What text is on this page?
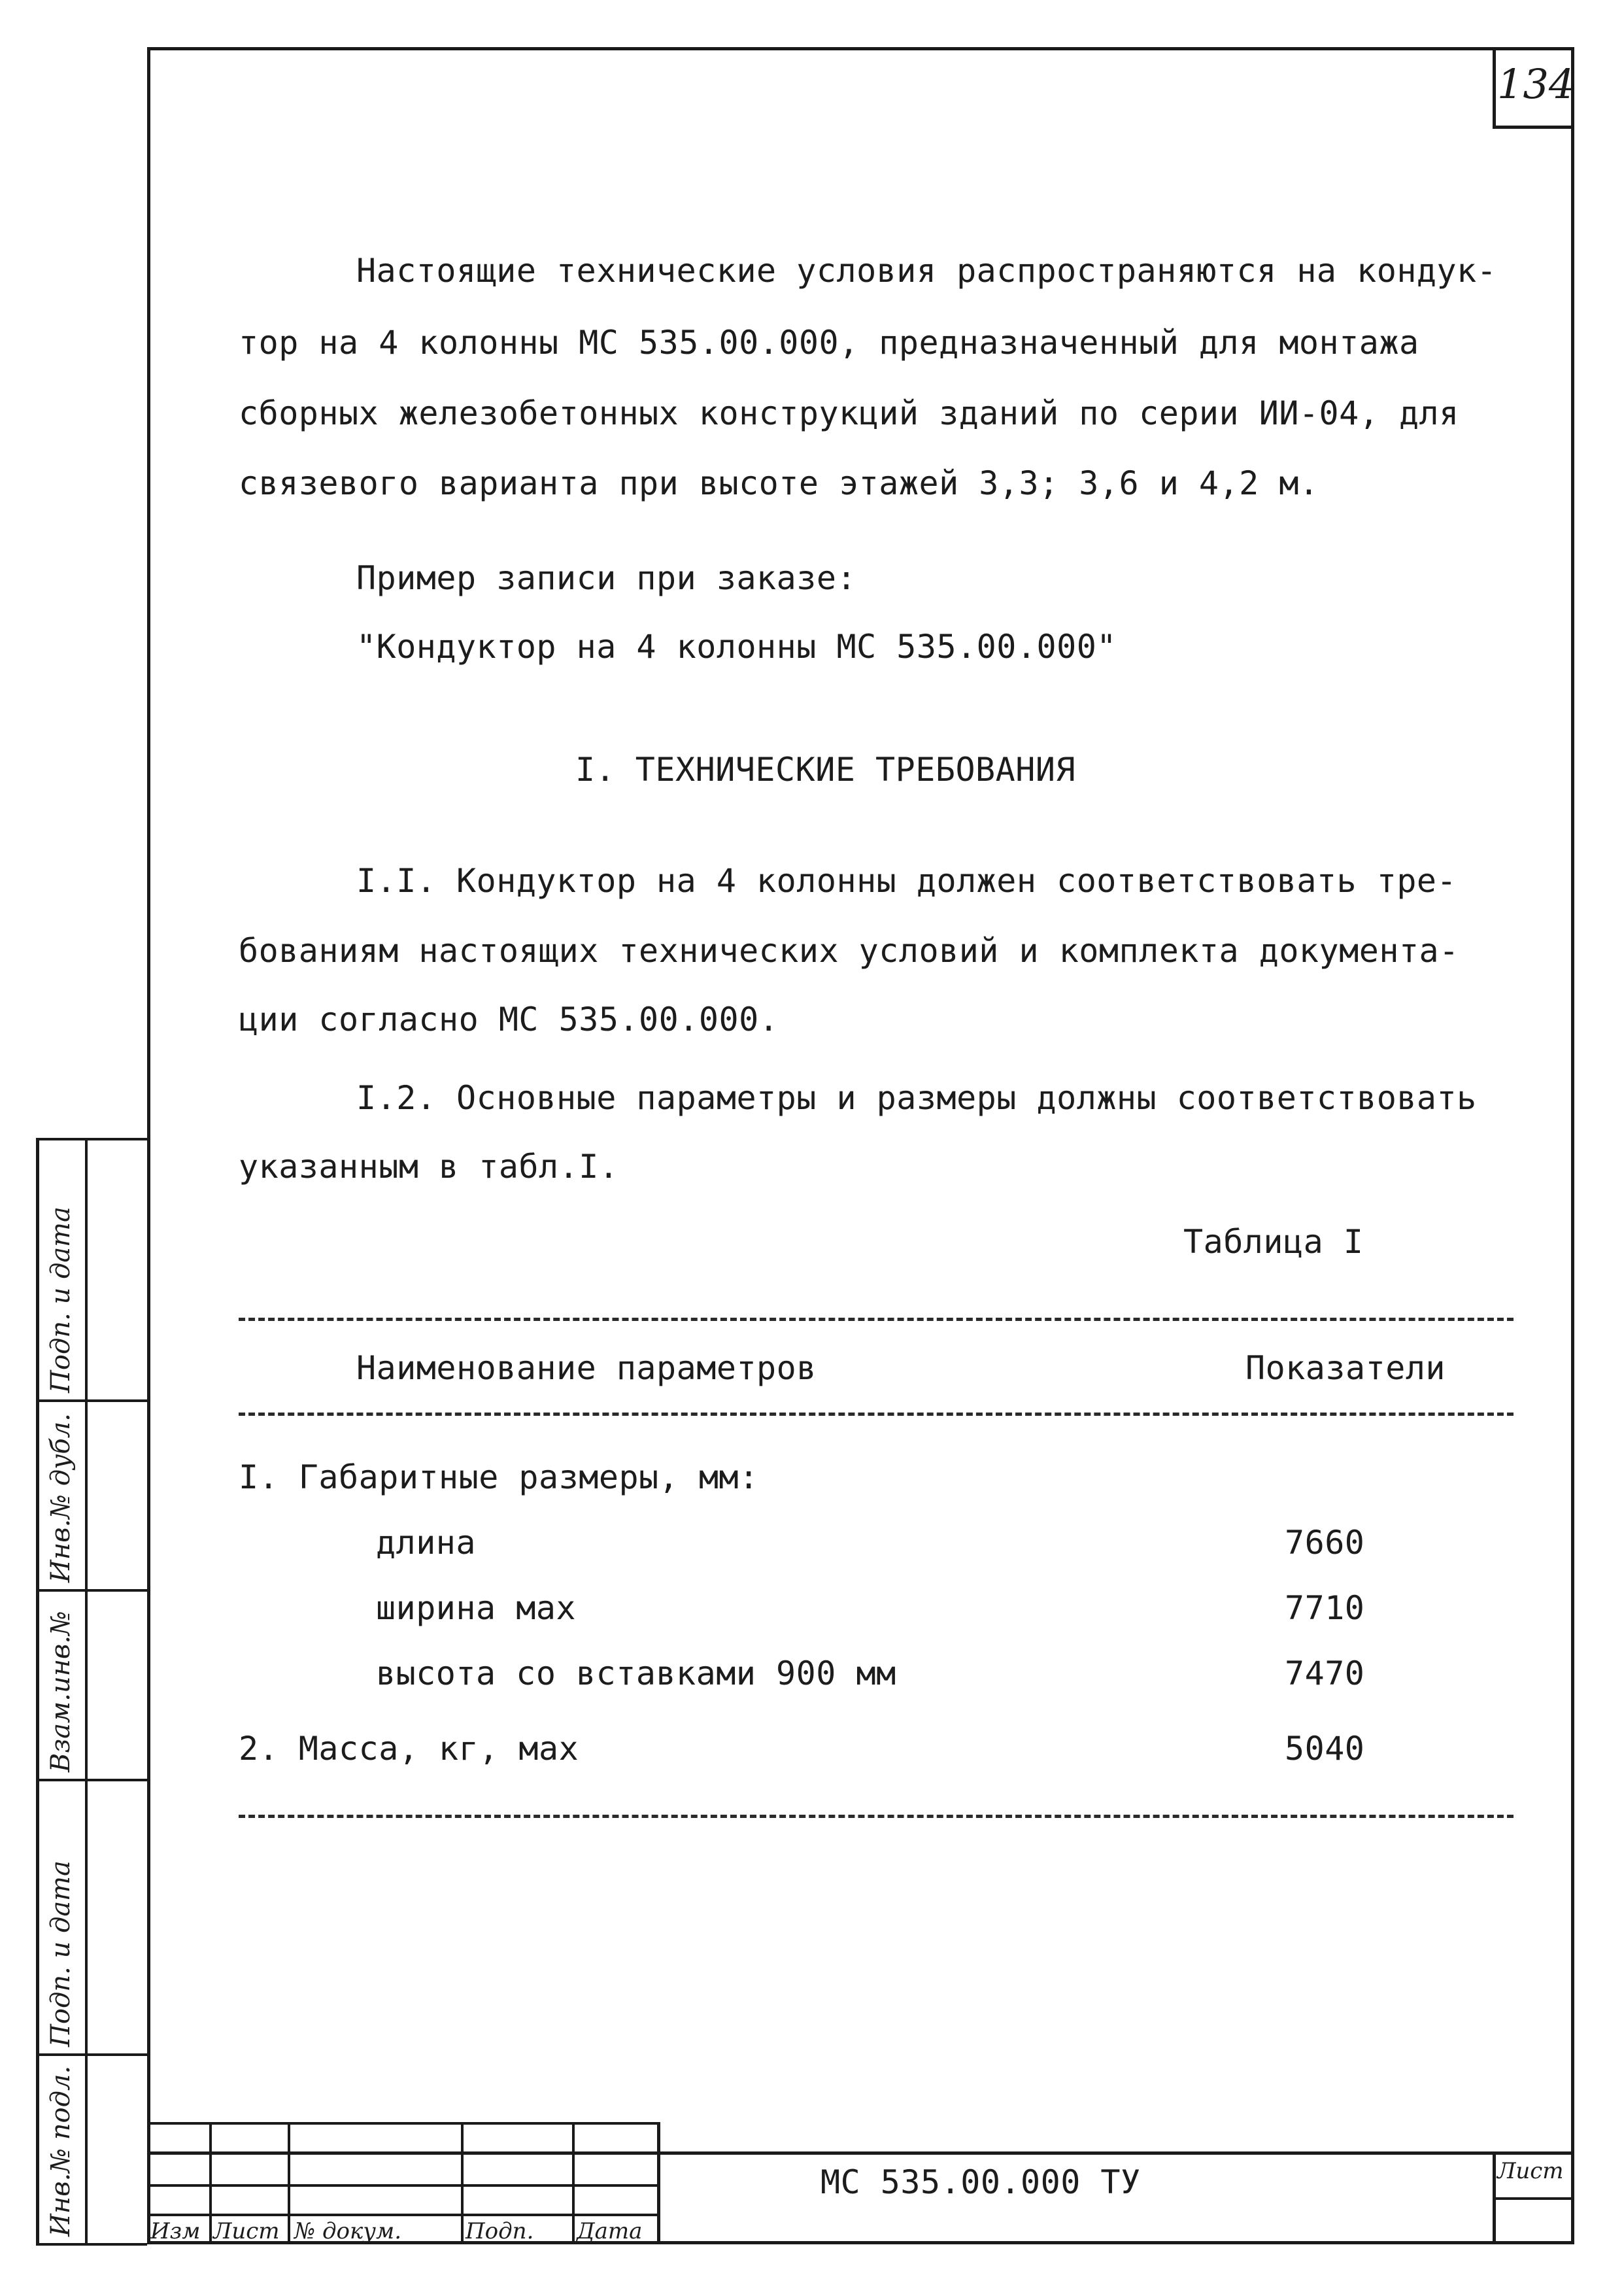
134
Настоящие технические условия распространяются на кондук-
тор на 4 колонны МС 535.00.000, предназначенный для монтажа
сборных железобетонных конструкций зданий по серии ИИ-04, для
связевого варианта при высоте этажей 3,3; 3,6 и 4,2 м.
Пример записи при заказе:
"Кондуктор на 4 колонны МС 535.00.000"
I. ТЕХНИЧЕСКИЕ ТРЕБОВАНИЯ
I.I. Кондуктор на 4 колонны должен соответствовать тре-
бованиям настоящих технических условий и комплекта документа-
ции согласно МС 535.00.000.
I.2. Основные параметры и размеры должны соответствовать
указанным в табл.I.
Таблица I
Наименование параметров	Показатели
I. Габаритные размеры, мм:
длина	7660
ширина мах	7710
высота со вставками 900 мм	7470
2. Масса, кг, мах	5040
Изм Лист № докум.	Подп. Дата
МС 535.00.000 ТУ	Лист
Инв.№ подл.
Подп. и дата
Взам.инв.№
Инв.№ дубл.
Подп. и дата
